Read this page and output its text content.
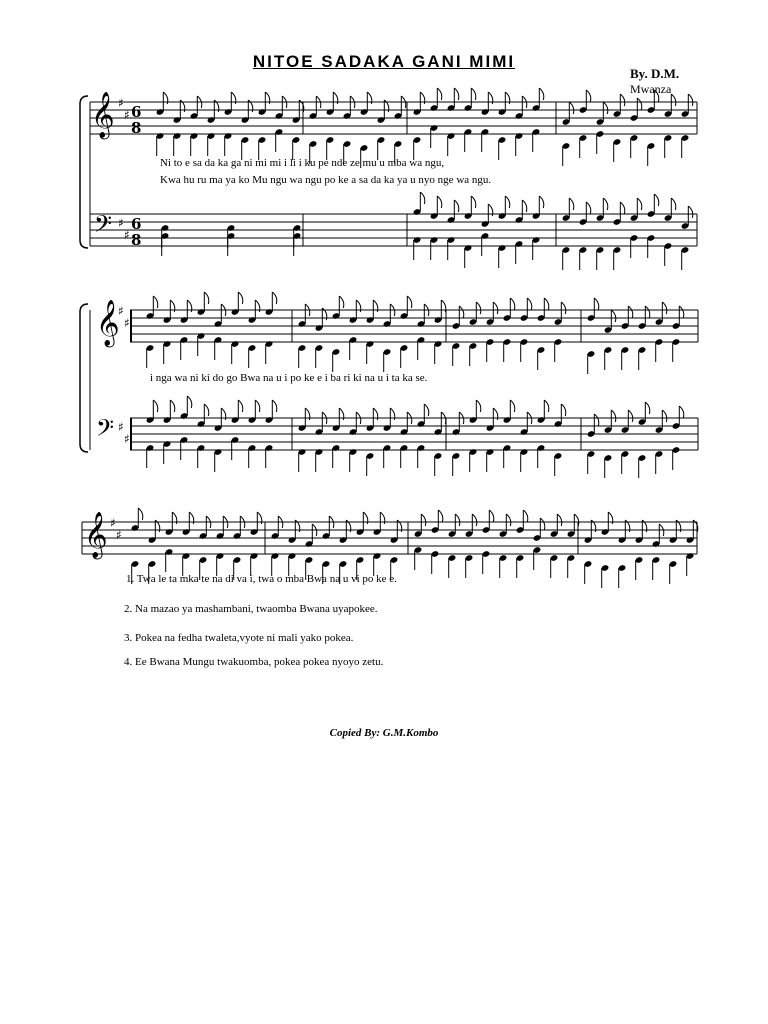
NITOE SADAKA GANI MIMI
By. D.M.
Mwanza
𝄞
𝄢
♯
♯
♯
♯
6
8
6
8
𝄞
𝄢
♯
♯
♯
♯
𝄞 ♯
♯
Ni to e sa da ka ga ni mi mi i li i ku pe nde ze mu u mba wa ngu,
Kwa hu ru ma ya ko Mu ngu wa ngu po ke a sa da ka ya u nyo nge wa ngu.
i nga wa ni ki do go Bwa na u i po ke e i ba ri ki na u i ta ka se.
1. Twa le ta mka te na di va i, twa o mba Bwa na u vi po ke e.
2. Na mazao ya mashambani, twaomba Bwana uyapokee.
3. Pokea na fedha twaleta,vyote ni mali yako pokea.
4. Ee Bwana Mungu twakuomba, pokea pokea nyoyo zetu.
Copied By: G.M.Kombo
